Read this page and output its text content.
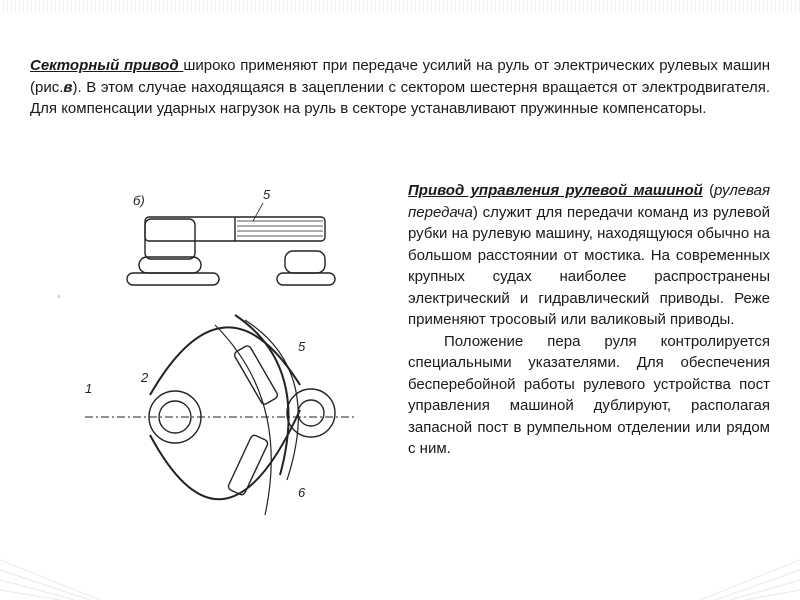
Секторный привод широко применяют при передаче усилий на руль от электрических рулевых машин (рис.в). В этом случае находящаяся в зацеплении с сектором шестерня вращается от электродвигателя. Для компенсации ударных нагрузок на руль в секторе устанавливают пружинные компенсаторы.

б)	5
1
2
5
6

Привод управления рулевой машиной (рулевая передача) служит для передачи команд из рулевой рубки на рулевую машину, находящуюся обычно на большом расстоянии от мостика. На современных крупных судах наиболее распространены электрический и гидравлический приводы. Реже применяют тросовый или валиковый приводы.
Положение пера руля контролируется специальными указателями. Для обеспечения бесперебойной работы рулевого устройства пост управления машиной дублируют, располагая запасной пост в румпельном отделении или рядом с ним.
